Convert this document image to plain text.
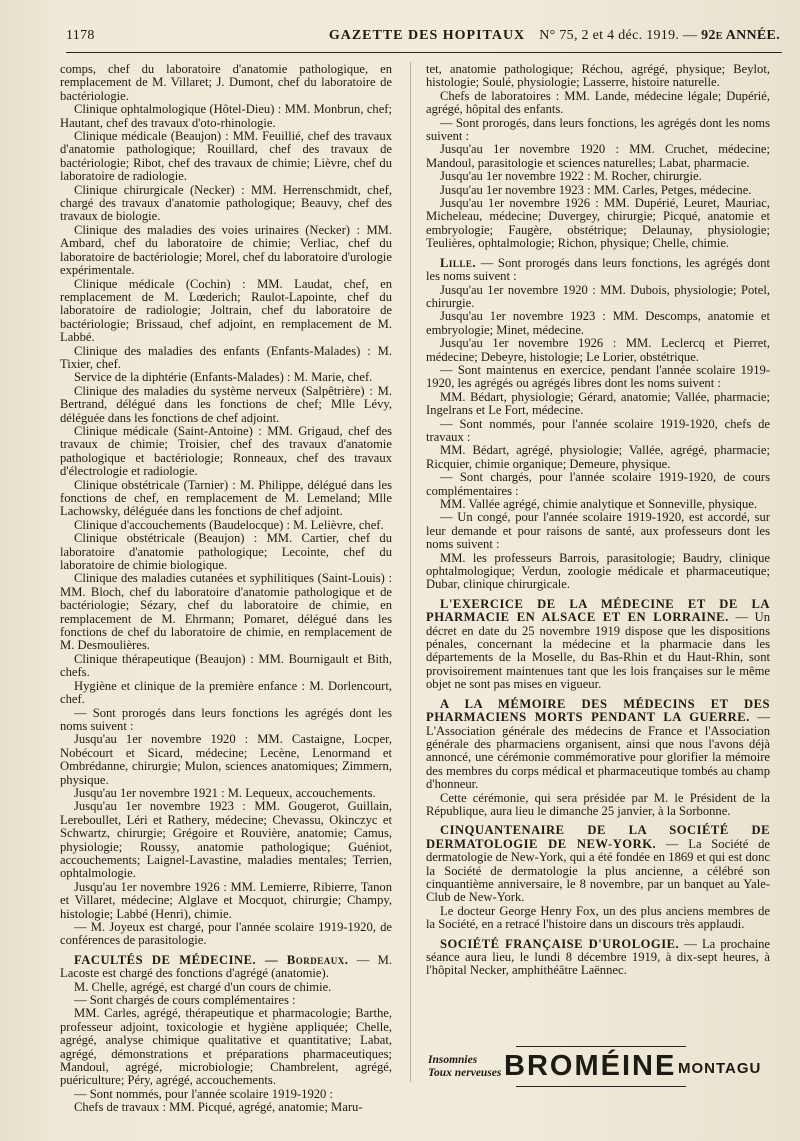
1178	GAZETTE DES HOPITAUX	N° 75, 2 et 4 déc. 1919. — 92e ANNÉE.

comps, chef du laboratoire d'anatomie pathologique, en remplacement de M. Villaret; J. Dumont, chef du laboratoire de bactériologie.

Clinique ophtalmologique (Hôtel-Dieu) : MM. Monbrun, chef; Hautant, chef des travaux d'oto-rhinologie.

Clinique médicale (Beaujon) : MM. Feuillié, chef des travaux d'anatomie pathologique; Rouillard, chef des travaux de bactériologie; Ribot, chef des travaux de chimie; Lièvre, chef du laboratoire de radiologie.

Clinique chirurgicale (Necker) : MM. Herrenschmidt, chef, chargé des travaux d'anatomie pathologique; Beauvy, chef des travaux de biologie.

Clinique des maladies des voies urinaires (Necker) : MM. Ambard, chef du laboratoire de chimie; Verliac, chef du laboratoire de bactériologie; Morel, chef du laboratoire d'urologie expérimentale.

Clinique médicale (Cochin) : MM. Laudat, chef, en remplacement de M. Lœderich; Raulot-Lapointe, chef du laboratoire de radiologie; Joltrain, chef du laboratoire de bactériologie; Brissaud, chef adjoint, en remplacement de M. Labbé.

Clinique des maladies des enfants (Enfants-Malades) : M. Tixier, chef.

Service de la diphtérie (Enfants-Malades) : M. Marie, chef.

Clinique des maladies du système nerveux (Salpêtrière) : M. Bertrand, délégué dans les fonctions de chef; Mlle Lévy, déléguée dans les fonctions de chef adjoint.

Clinique médicale (Saint-Antoine) : MM. Grigaud, chef des travaux de chimie; Troisier, chef des travaux d'anatomie pathologique et bactériologie; Ronneaux, chef des travaux d'électrologie et radiologie.

Clinique obstétricale (Tarnier) : M. Philippe, délégué dans les fonctions de chef, en remplacement de M. Lemeland; Mlle Lachowsky, déléguée dans les fonctions de chef adjoint.

Clinique d'accouchements (Baudelocque) : M. Lelièvre, chef.

Clinique obstétricale (Beaujon) : MM. Cartier, chef du laboratoire d'anatomie pathologique; Lecointe, chef du laboratoire de chimie biologique.

Clinique des maladies cutanées et syphilitiques (Saint-Louis) : MM. Bloch, chef du laboratoire d'anatomie pathologique et de bactériologie; Sézary, chef du laboratoire de chimie, en remplacement de M. Ehrmann; Pomaret, délégué dans les fonctions de chef du laboratoire de chimie, en remplacement de M. Desmoulières.

Clinique thérapeutique (Beaujon) : MM. Bournigault et Bith, chefs.

Hygiène et clinique de la première enfance : M. Dorlencourt, chef.

— Sont prorogés dans leurs fonctions les agrégés dont les noms suivent :

Jusqu'au 1er novembre 1920 : MM. Castaigne, Locper, Nobécourt et Sicard, médecine; Lecène, Lenormand et Ombrédanne, chirurgie; Mulon, sciences anatomiques; Zimmern, physique.

Jusqu'au 1er novembre 1921 : M. Lequeux, accouchements.

Jusqu'au 1er novembre 1923 : MM. Gougerot, Guillain, Lereboullet, Léri et Rathery, médecine; Chevassu, Okinczyc et Schwartz, chirurgie; Grégoire et Rouvière, anatomie; Camus, physiologie; Roussy, anatomie pathologique; Guéniot, accouchements; Laignel-Lavastine, maladies mentales; Terrien, ophtalmologie.

Jusqu'au 1er novembre 1926 : MM. Lemierre, Ribierre, Tanon et Villaret, médecine; Alglave et Mocquot, chirurgie; Champy, histologie; Labbé (Henri), chimie.

— M. Joyeux est chargé, pour l'année scolaire 1919-1920, de conférences de parasitologie.

FACULTÉS DE MÉDECINE. — Bordeaux. — M. Lacoste est chargé des fonctions d'agrégé (anatomie).

M. Chelle, agrégé, est chargé d'un cours de chimie.

— Sont chargés de cours complémentaires :

MM. Carles, agrégé, thérapeutique et pharmacologie; Barthe, professeur adjoint, toxicologie et hygiène appliquée; Chelle, agrégé, analyse chimique qualitative et quantitative; Labat, agrégé, démonstrations et préparations pharmaceutiques; Mandoul, agrégé, microbiologie; Chambrelent, agrégé, puériculture; Péry, agrégé, accouchements.

— Sont nommés, pour l'année scolaire 1919-1920 :

Chefs de travaux : MM. Picqué, agrégé, anatomie; Maru-

tet, anatomie pathologique; Réchou, agrégé, physique; Beylot, histologie; Soulé, physiologie; Lasserre, histoire naturelle.

Chefs de laboratoires : MM. Lande, médecine légale; Dupérié, agrégé, hôpital des enfants.

— Sont prorogés, dans leurs fonctions, les agrégés dont les noms suivent :

Jusqu'au 1er novembre 1920 : MM. Cruchet, médecine; Mandoul, parasitologie et sciences naturelles; Labat, pharmacie.

Jusqu'au 1er novembre 1922 : M. Rocher, chirurgie.

Jusqu'au 1er novembre 1923 : MM. Carles, Petges, médecine.

Jusqu'au 1er novembre 1926 : MM. Dupérié, Leuret, Mauriac, Micheleau, médecine; Duvergey, chirurgie; Picqué, anatomie et embryologie; Faugère, obstétrique; Delaunay, physiologie; Teulières, ophtalmologie; Richon, physique; Chelle, chimie.

Lille. — Sont prorogés dans leurs fonctions, les agrégés dont les noms suivent :

Jusqu'au 1er novembre 1920 : MM. Dubois, physiologie; Potel, chirurgie.

Jusqu'au 1er novembre 1923 : MM. Descomps, anatomie et embryologie; Minet, médecine.

Jusqu'au 1er novembre 1926 : MM. Leclercq et Pierret, médecine; Debeyre, histologie; Le Lorier, obstétrique.

— Sont maintenus en exercice, pendant l'année scolaire 1919-1920, les agrégés ou agrégés libres dont les noms suivent :

MM. Bédart, physiologie; Gérard, anatomie; Vallée, pharmacie; Ingelrans et Le Fort, médecine.

— Sont nommés, pour l'année scolaire 1919-1920, chefs de travaux :

MM. Bédart, agrégé, physiologie; Vallée, agrégé, pharmacie; Ricquier, chimie organique; Demeure, physique.

— Sont chargés, pour l'année scolaire 1919-1920, de cours complémentaires :

MM. Vallée agrégé, chimie analytique et Sonneville, physique.

— Un congé, pour l'année scolaire 1919-1920, est accordé, sur leur demande et pour raisons de santé, aux professeurs dont les noms suivent :

MM. les professeurs Barrois, parasitologie; Baudry, clinique ophtalmologique; Verdun, zoologie médicale et pharmaceutique; Dubar, clinique chirurgicale.

L'EXERCICE DE LA MÉDECINE ET DE LA PHARMACIE EN ALSACE ET EN LORRAINE. — Un décret en date du 25 novembre 1919 dispose que les dispositions pénales, concernant la médecine et la pharmacie dans les départements de la Moselle, du Bas-Rhin et du Haut-Rhin, sont provisoirement maintenues tant que les lois françaises sur le même objet ne sont pas mises en vigueur.

A LA MÉMOIRE DES MÉDECINS ET DES PHARMACIENS MORTS PENDANT LA GUERRE. — L'Association générale des médecins de France et l'Association générale des pharmaciens organisent, ainsi que nous l'avons déjà annoncé, une cérémonie commémorative pour glorifier la mémoire des membres du corps médical et pharmaceutique tombés au champ d'honneur.

Cette cérémonie, qui sera présidée par M. le Président de la République, aura lieu le dimanche 25 janvier, à la Sorbonne.

CINQUANTENAIRE DE LA SOCIÉTÉ DE DERMATOLOGIE DE NEW-YORK. — La Société de dermatologie de New-York, qui a été fondée en 1869 et qui est donc la Société de dermatologie la plus ancienne, a célébré son cinquantième anniversaire, le 8 novembre, par un banquet au Yale-Club de New-York.

Le docteur George Henry Fox, un des plus anciens membres de la Société, en a retracé l'histoire dans un discours très applaudi.

SOCIÉTÉ FRANÇAISE D'UROLOGIE. — La prochaine séance aura lieu, le lundi 8 décembre 1919, à dix-sept heures, à l'hôpital Necker, amphithéâtre Laënnec.

Insomnies
Toux nerveuses BROMÉINE MONTAGU
